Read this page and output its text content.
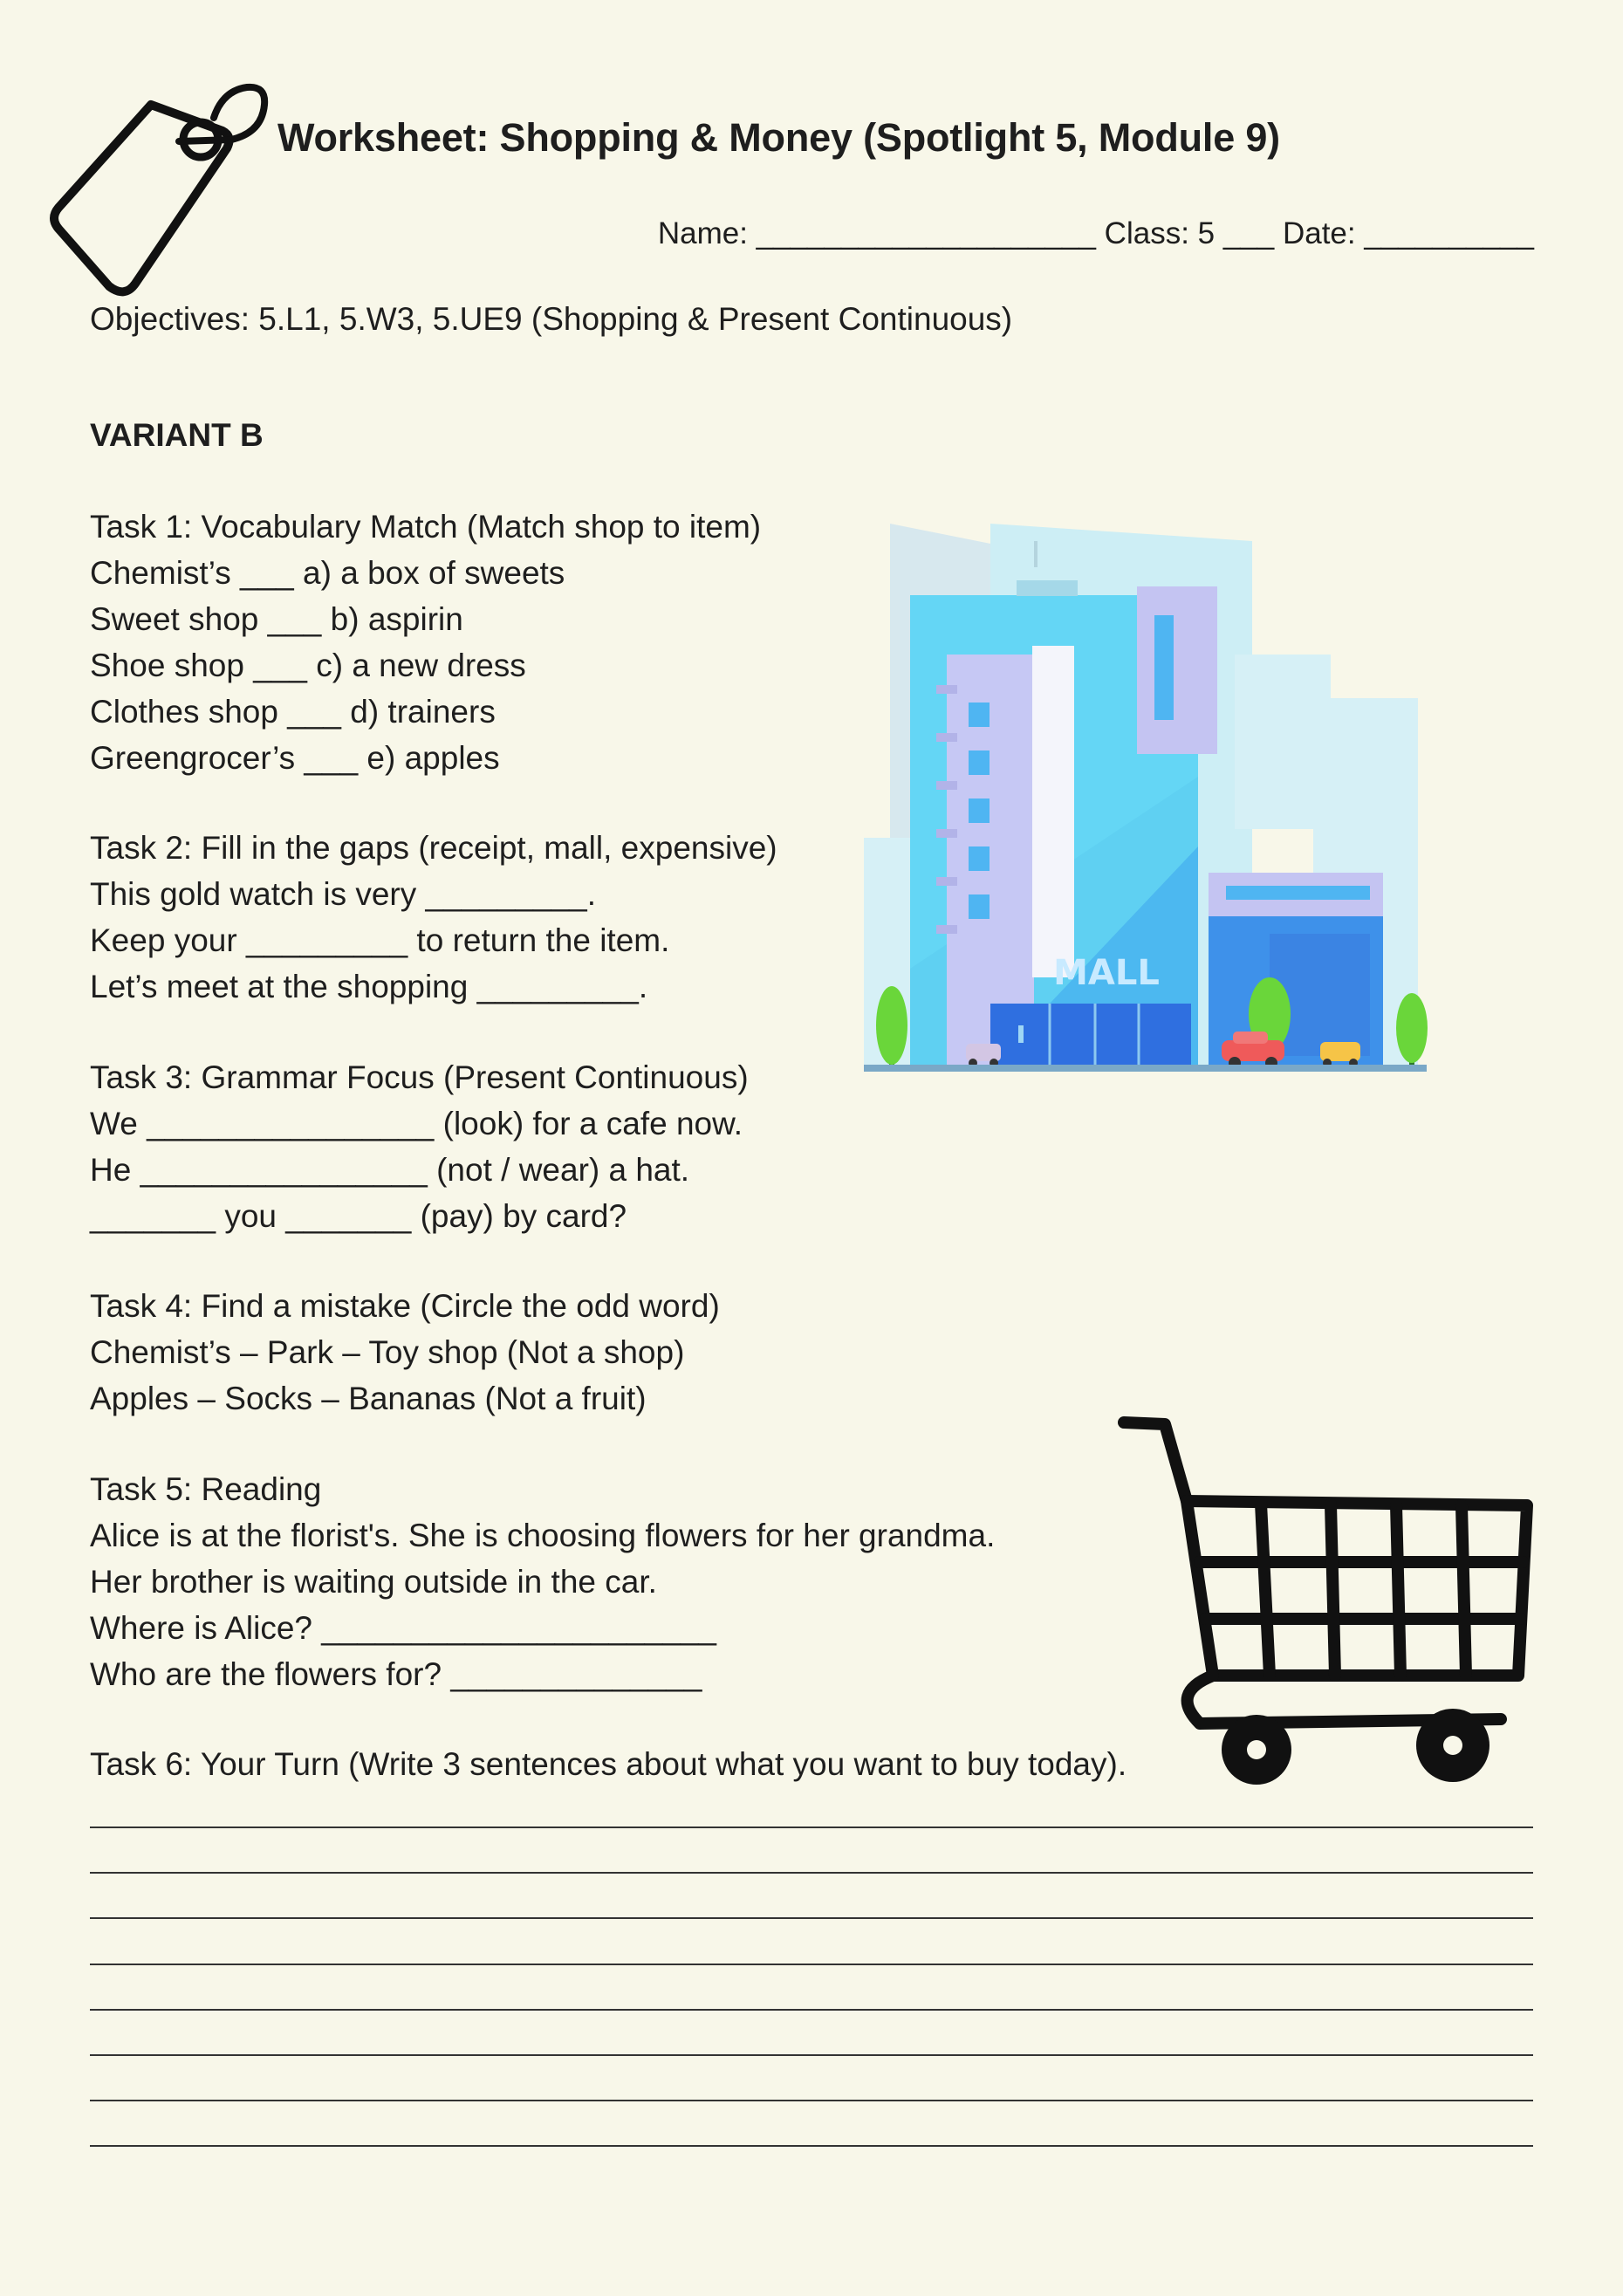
Worksheet: Shopping & Money (Spotlight 5, Module 9)
Name: ____________________ Class: 5 ___ Date: __________
Objectives: 5.L1, 5.W3, 5.UE9 (Shopping & Present Continuous)
VARIANT B
Task 1: Vocabulary Match (Match shop to item)
Chemist’s ___ a) a box of sweets
Sweet shop ___ b) aspirin
Shoe shop ___ c) a new dress
Clothes shop ___ d) trainers
Greengrocer’s ___ e) apples
Task 2: Fill in the gaps (receipt, mall, expensive)
This gold watch is very _________.
Keep your _________ to return the item.
Let’s meet at the shopping _________.
Task 3: Grammar Focus (Present Continuous)
We ________________ (look) for a cafe now.
He ________________ (not / wear) a hat.
_______ you _______ (pay) by card?
Task 4: Find a mistake (Circle the odd word)
Chemist’s – Park – Toy shop (Not a shop)
Apples – Socks – Bananas (Not a fruit)
Task 5: Reading
Alice is at the florist's. She is choosing flowers for her grandma.
Her brother is waiting outside in the car.
Where is Alice? ______________________
Who are the flowers for? ______________
Task 6: Your Turn (Write 3 sentences about what you want to buy today).
MALL
